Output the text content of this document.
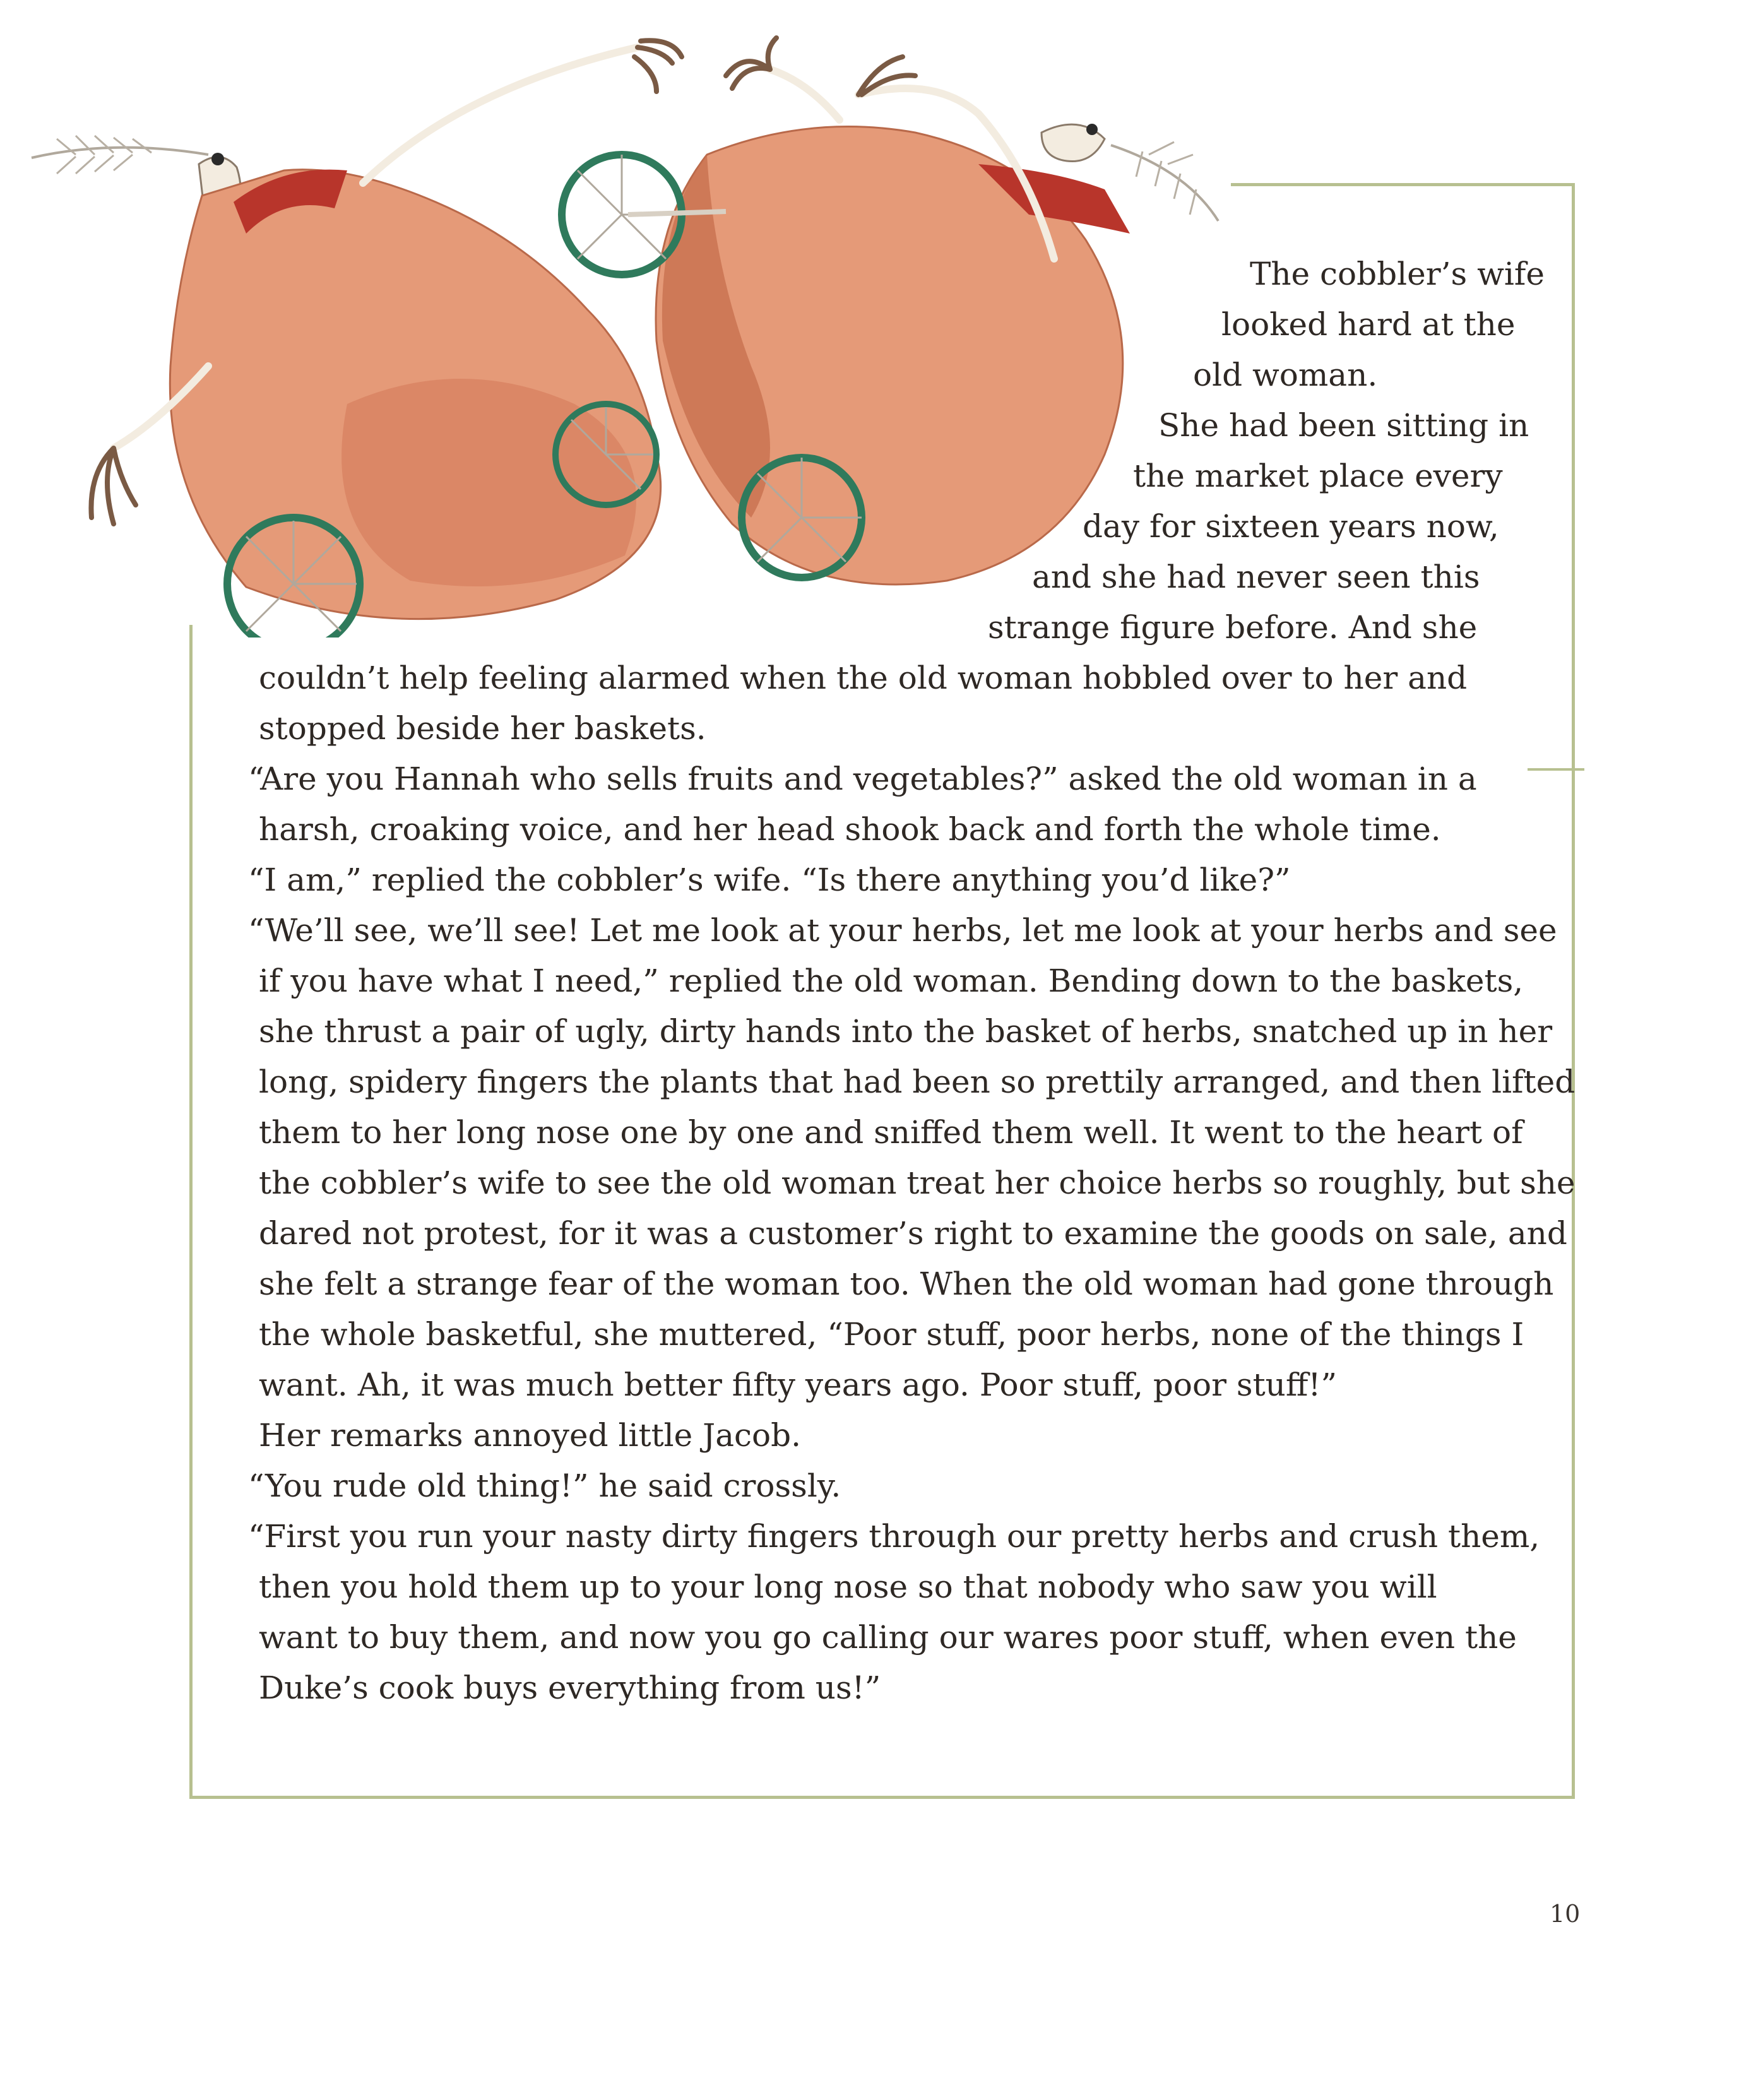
The cobbler’s wife
looked hard at the
old woman.
She had been sitting in
the market place every
day for sixteen years now,
and she had never seen this
strange figure before. And she
couldn’t help feeling alarmed when the old woman hobbled over to her and
stopped beside her baskets.
“Are you Hannah who sells fruits and vegetables?” asked the old woman in a
harsh, croaking voice, and her head shook back and forth the whole time.
“I am,” replied the cobbler’s wife. “Is there anything you’d like?”
“We’ll see, we’ll see! Let me look at your herbs, let me look at your herbs and see
if you have what I need,” replied the old woman. Bending down to the baskets,
she thrust a pair of ugly, dirty hands into the basket of herbs, snatched up in her
long, spidery fingers the plants that had been so prettily arranged, and then lifted
them to her long nose one by one and sniffed them well. It went to the heart of
the cobbler’s wife to see the old woman treat her choice herbs so roughly, but she
dared not protest, for it was a customer’s right to examine the goods on sale, and
she felt a strange fear of the woman too. When the old woman had gone through
the whole basketful, she muttered, “Poor stuff, poor herbs, none of the things I
want. Ah, it was much better fifty years ago. Poor stuff, poor stuff!”
Her remarks annoyed little Jacob.
“You rude old thing!” he said crossly.
“First you run your nasty dirty fingers through our pretty herbs and crush them,
then you hold them up to your long nose so that nobody who saw you will
want to buy them, and now you go calling our wares poor stuff, when even the
Duke’s cook buys everything from us!”
10
